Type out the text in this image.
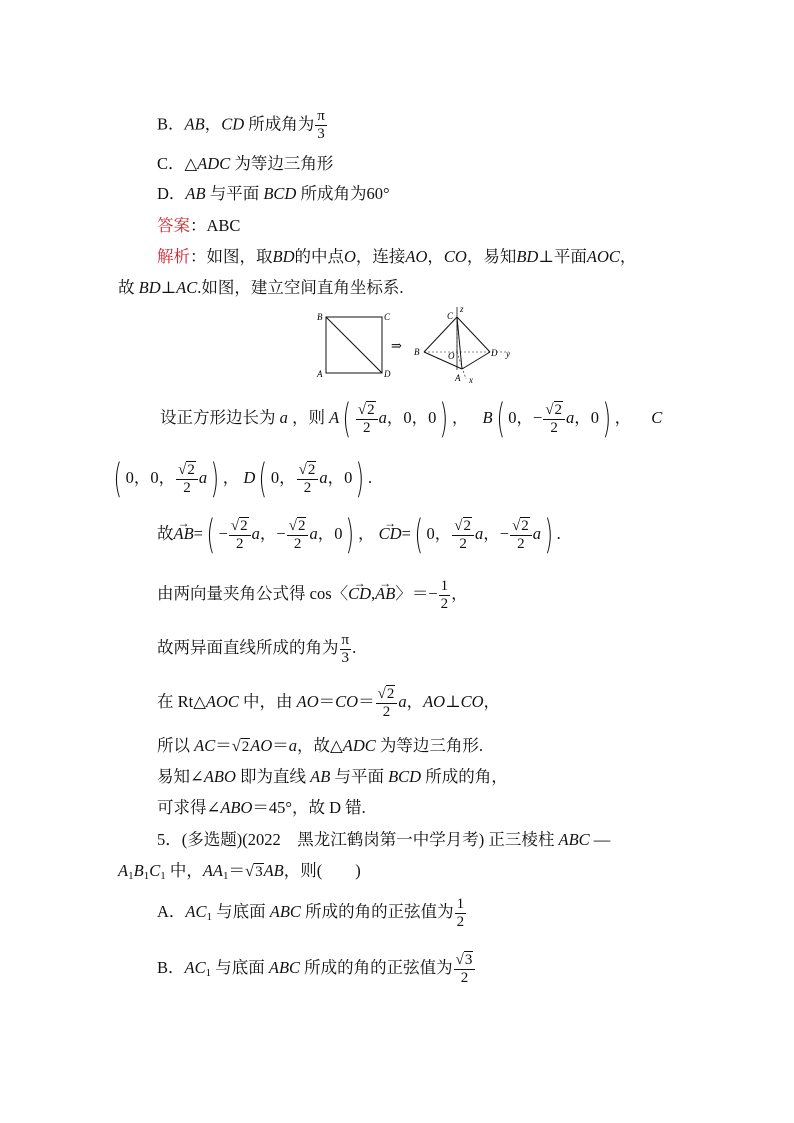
B．AB，CD 所成角为 $\frac{\pi}{3}$
C．△ADC 为等边三角形
D．AB 与平面 BCD 所成角为60°
答案：ABC
解析：如图，取BD的中点O，连接AO，CO，易知BD⊥平面AOC，
故 BD⊥AC.如图，建立空间直角坐标系.
B	C
A	D
⇒
C
z
B	O	D y
A x
设正方形边长为 a ，则 $A( \frac{√2}{2}$ a，0，0) ， B( 0，− $\frac{√2}{2}$ a，0) ， C
( 0，0， $\frac{√2}{2} a$) ， D( 0， $\frac{√2}{2}$ a，0) .
故→ $AB=( - \frac{√2}{2}$ a，− $\frac{√2}{2}$ a，0) ， → CD=( 0， $\frac{√2}{2}$ a，− $\frac{√2}{2} a$) .
由两向量夹角公式得 cos〈→ CD,→ AB〉＝− $\frac{1}{2}$ ，
故两异面直线所成的角为 $\frac{\pi}{3}$ .
在 Rt△AOC 中，由 $AO=CO= \frac{√2}{2}$ a，AO⊥CO，
所以 AC＝√2AO＝a，故△ADC 为等边三角形.
易知∠ABO 即为直线 AB 与平面 BCD 所成的角，
可求得∠ABO＝45°，故 D 错.
5．(多选题)(2022　黑龙江鹤岗第一中学月考) 正三棱柱 ABC —
$A_1B_1C_1$ 中，$AA_1=√3AB$，则(　　)
A．$AC_1$ 与底面 ABC 所成的角的正弦值为 $\frac{1}{2}$
B．$AC_1$ 与底面 ABC 所成的角的正弦值为 $\frac{√3}{2}$
